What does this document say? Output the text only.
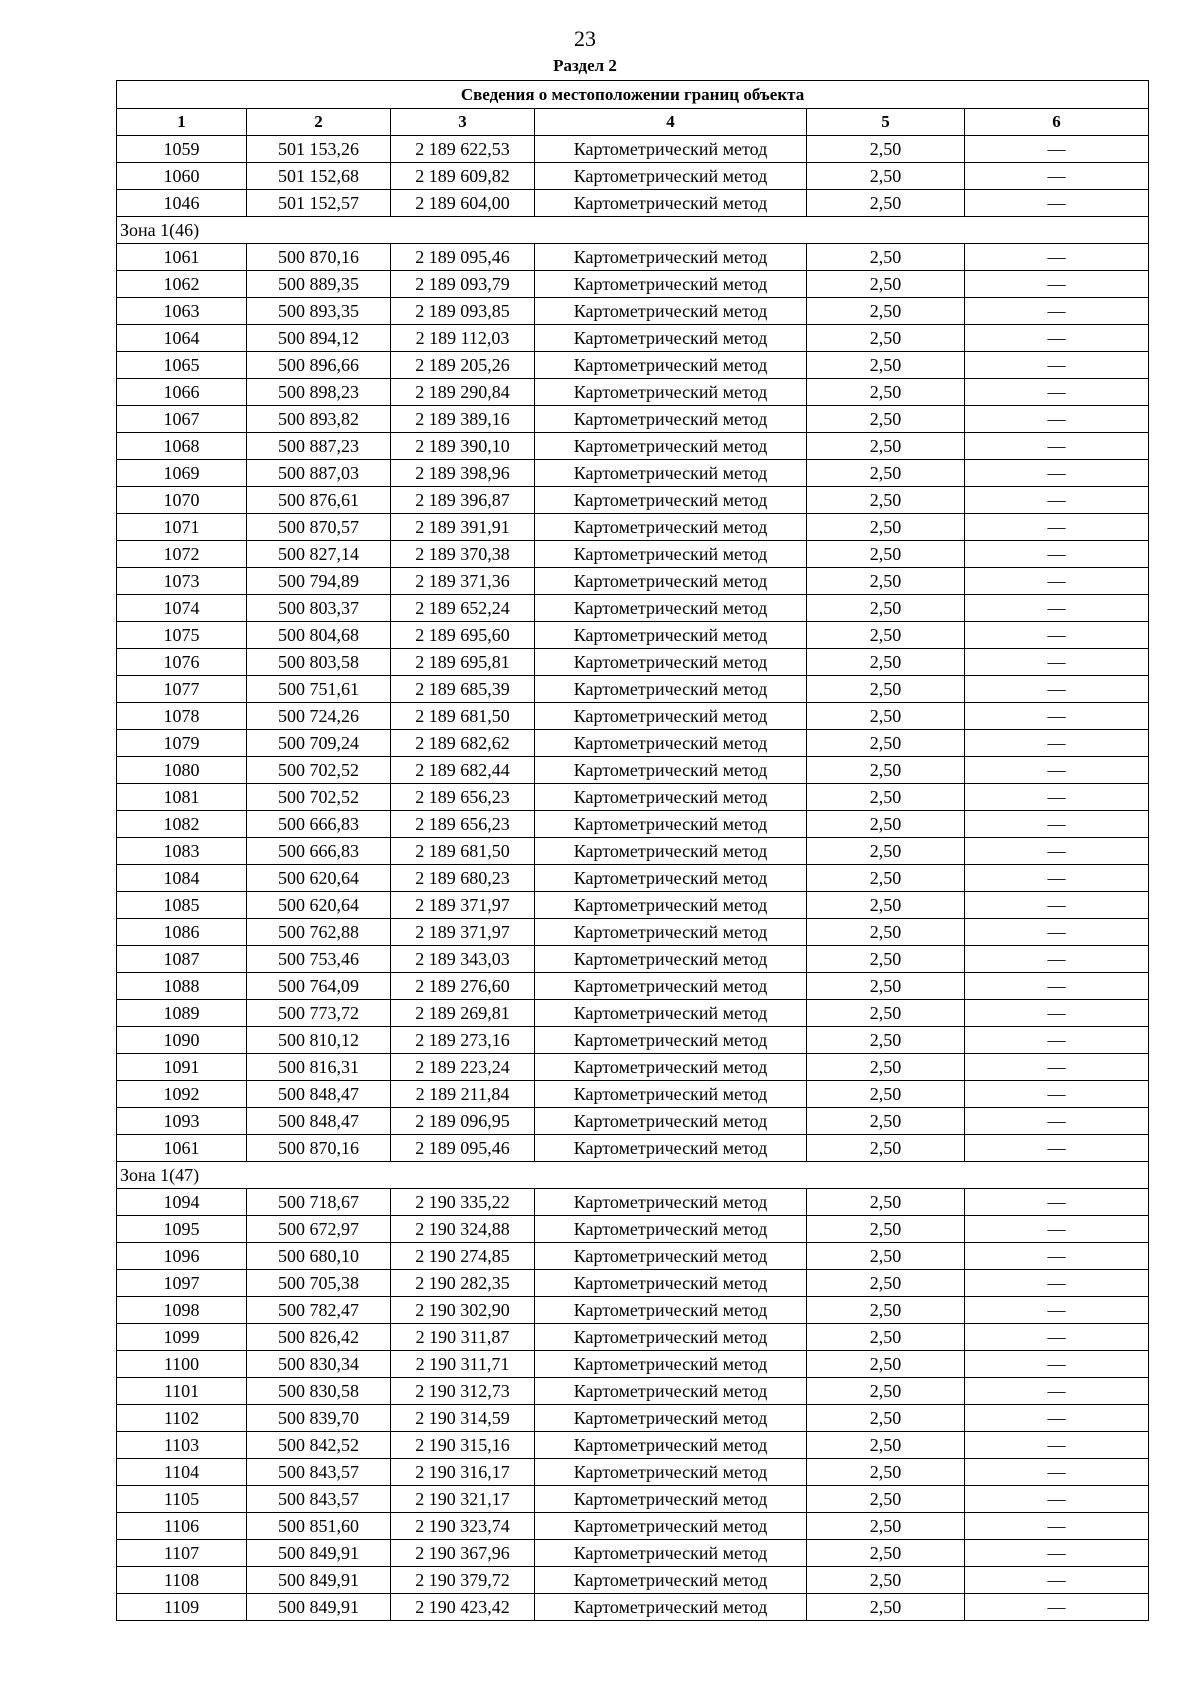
23
Раздел 2
Сведения о местоположении границ объекта					
1	2	3	4	5	6
1059	501 153,26	2 189 622,53	Картометрический метод	2,50	—
1060	501 152,68	2 189 609,82	Картометрический метод	2,50	—
1046	501 152,57	2 189 604,00	Картометрический метод	2,50	—
Зона 1(46)					
1061	500 870,16	2 189 095,46	Картометрический метод	2,50	—
1062	500 889,35	2 189 093,79	Картометрический метод	2,50	—
1063	500 893,35	2 189 093,85	Картометрический метод	2,50	—
1064	500 894,12	2 189 112,03	Картометрический метод	2,50	—
1065	500 896,66	2 189 205,26	Картометрический метод	2,50	—
1066	500 898,23	2 189 290,84	Картометрический метод	2,50	—
1067	500 893,82	2 189 389,16	Картометрический метод	2,50	—
1068	500 887,23	2 189 390,10	Картометрический метод	2,50	—
1069	500 887,03	2 189 398,96	Картометрический метод	2,50	—
1070	500 876,61	2 189 396,87	Картометрический метод	2,50	—
1071	500 870,57	2 189 391,91	Картометрический метод	2,50	—
1072	500 827,14	2 189 370,38	Картометрический метод	2,50	—
1073	500 794,89	2 189 371,36	Картометрический метод	2,50	—
1074	500 803,37	2 189 652,24	Картометрический метод	2,50	—
1075	500 804,68	2 189 695,60	Картометрический метод	2,50	—
1076	500 803,58	2 189 695,81	Картометрический метод	2,50	—
1077	500 751,61	2 189 685,39	Картометрический метод	2,50	—
1078	500 724,26	2 189 681,50	Картометрический метод	2,50	—
1079	500 709,24	2 189 682,62	Картометрический метод	2,50	—
1080	500 702,52	2 189 682,44	Картометрический метод	2,50	—
1081	500 702,52	2 189 656,23	Картометрический метод	2,50	—
1082	500 666,83	2 189 656,23	Картометрический метод	2,50	—
1083	500 666,83	2 189 681,50	Картометрический метод	2,50	—
1084	500 620,64	2 189 680,23	Картометрический метод	2,50	—
1085	500 620,64	2 189 371,97	Картометрический метод	2,50	—
1086	500 762,88	2 189 371,97	Картометрический метод	2,50	—
1087	500 753,46	2 189 343,03	Картометрический метод	2,50	—
1088	500 764,09	2 189 276,60	Картометрический метод	2,50	—
1089	500 773,72	2 189 269,81	Картометрический метод	2,50	—
1090	500 810,12	2 189 273,16	Картометрический метод	2,50	—
1091	500 816,31	2 189 223,24	Картометрический метод	2,50	—
1092	500 848,47	2 189 211,84	Картометрический метод	2,50	—
1093	500 848,47	2 189 096,95	Картометрический метод	2,50	—
1061	500 870,16	2 189 095,46	Картометрический метод	2,50	—
Зона 1(47)					
1094	500 718,67	2 190 335,22	Картометрический метод	2,50	—
1095	500 672,97	2 190 324,88	Картометрический метод	2,50	—
1096	500 680,10	2 190 274,85	Картометрический метод	2,50	—
1097	500 705,38	2 190 282,35	Картометрический метод	2,50	—
1098	500 782,47	2 190 302,90	Картометрический метод	2,50	—
1099	500 826,42	2 190 311,87	Картометрический метод	2,50	—
1100	500 830,34	2 190 311,71	Картометрический метод	2,50	—
1101	500 830,58	2 190 312,73	Картометрический метод	2,50	—
1102	500 839,70	2 190 314,59	Картометрический метод	2,50	—
1103	500 842,52	2 190 315,16	Картометрический метод	2,50	—
1104	500 843,57	2 190 316,17	Картометрический метод	2,50	—
1105	500 843,57	2 190 321,17	Картометрический метод	2,50	—
1106	500 851,60	2 190 323,74	Картометрический метод	2,50	—
1107	500 849,91	2 190 367,96	Картометрический метод	2,50	—
1108	500 849,91	2 190 379,72	Картометрический метод	2,50	—
1109	500 849,91	2 190 423,42	Картометрический метод	2,50	—
